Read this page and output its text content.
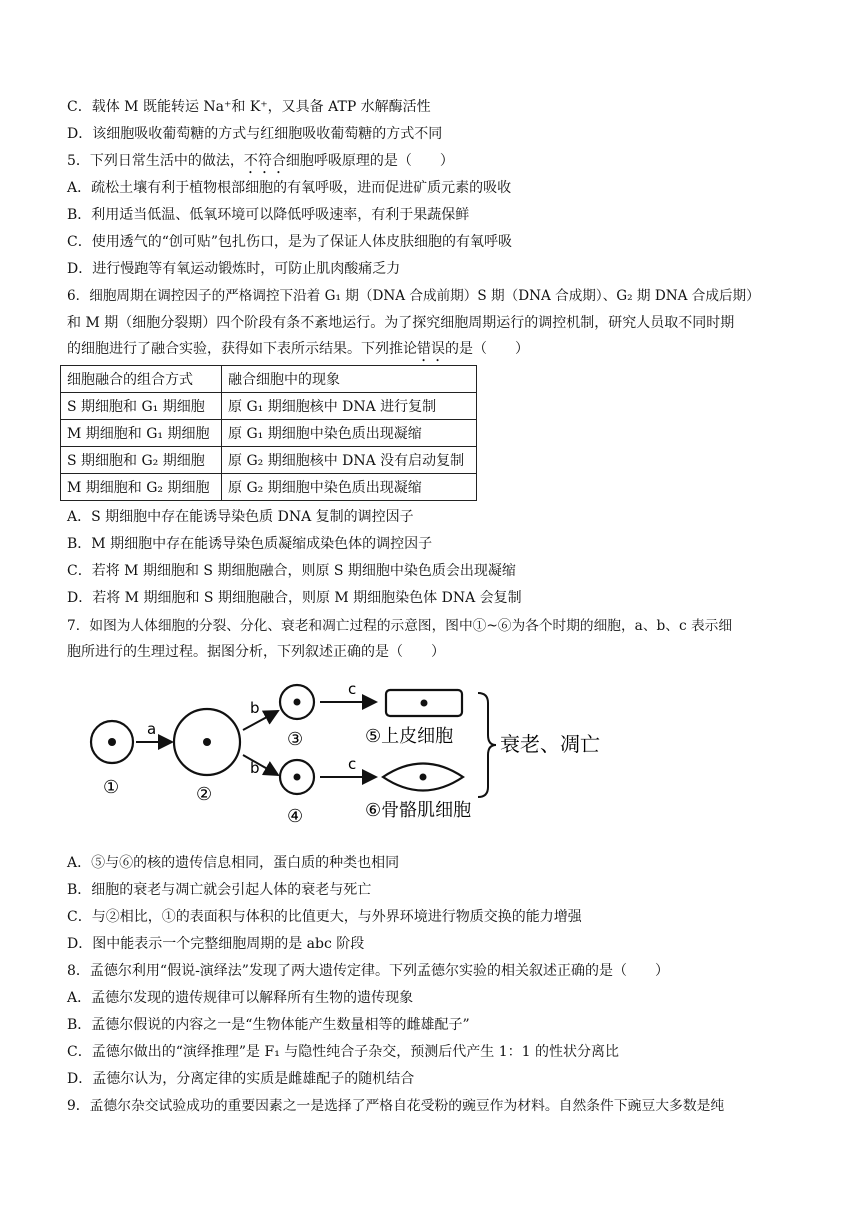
C．载体 M 既能转运 Na⁺和 K⁺，又具备 ATP 水解酶活性
D．该细胞吸收葡萄糖的方式与红细胞吸收葡萄糖的方式不同
5．下列日常生活中的做法，不符合细胞呼吸原理的是（　　）
A．疏松土壤有利于植物根部细胞的有氧呼吸，进而促进矿质元素的吸收
B．利用适当低温、低氧环境可以降低呼吸速率，有利于果蔬保鲜
C．使用透气的“创可贴”包扎伤口，是为了保证人体皮肤细胞的有氧呼吸
D．进行慢跑等有氧运动锻炼时，可防止肌肉酸痛乏力
6．细胞周期在调控因子的严格调控下沿着 G₁ 期（DNA 合成前期）S 期（DNA 合成期）、G₂ 期 DNA 合成后期）
和 M 期（细胞分裂期）四个阶段有条不紊地运行。为了探究细胞周期运行的调控机制，研究人员取不同时期
的细胞进行了融合实验，获得如下表所示结果。下列推论错误的是（　　）
细胞融合的组合方式	融合细胞中的现象
S 期细胞和 G₁ 期细胞	原 G₁ 期细胞核中 DNA 进行复制
M 期细胞和 G₁ 期细胞	原 G₁ 期细胞中染色质出现凝缩
S 期细胞和 G₂ 期细胞	原 G₂ 期细胞核中 DNA 没有启动复制
M 期细胞和 G₂ 期细胞	原 G₂ 期细胞中染色质出现凝缩
A．S 期细胞中存在能诱导染色质 DNA 复制的调控因子
B．M 期细胞中存在能诱导染色质凝缩成染色体的调控因子
C．若将 M 期细胞和 S 期细胞融合，则原 S 期细胞中染色质会出现凝缩
D．若将 M 期细胞和 S 期细胞融合，则原 M 期细胞染色体 DNA 会复制
7．如图为人体细胞的分裂、分化、衰老和凋亡过程的示意图，图中①~⑥为各个时期的细胞，a、b、c 表示细
胞所进行的生理过程。据图分析，下列叙述正确的是（　　）
①
a
②
b
b
③
④
c
c
⑤上皮细胞
⑥骨骼肌细胞
衰老、凋亡
A．⑤与⑥的核的遗传信息相同，蛋白质的种类也相同
B．细胞的衰老与凋亡就会引起人体的衰老与死亡
C．与②相比，①的表面积与体积的比值更大，与外界环境进行物质交换的能力增强
D．图中能表示一个完整细胞周期的是 abc 阶段
8．孟德尔利用“假说-演绎法”发现了两大遗传定律。下列孟德尔实验的相关叙述正确的是（　　）
A．孟德尔发现的遗传规律可以解释所有生物的遗传现象
B．孟德尔假说的内容之一是“生物体能产生数量相等的雌雄配子”
C．孟德尔做出的“演绎推理”是 F₁ 与隐性纯合子杂交，预测后代产生 1：1 的性状分离比
D．孟德尔认为，分离定律的实质是雌雄配子的随机结合
9．孟德尔杂交试验成功的重要因素之一是选择了严格自花受粉的豌豆作为材料。自然条件下豌豆大多数是纯
